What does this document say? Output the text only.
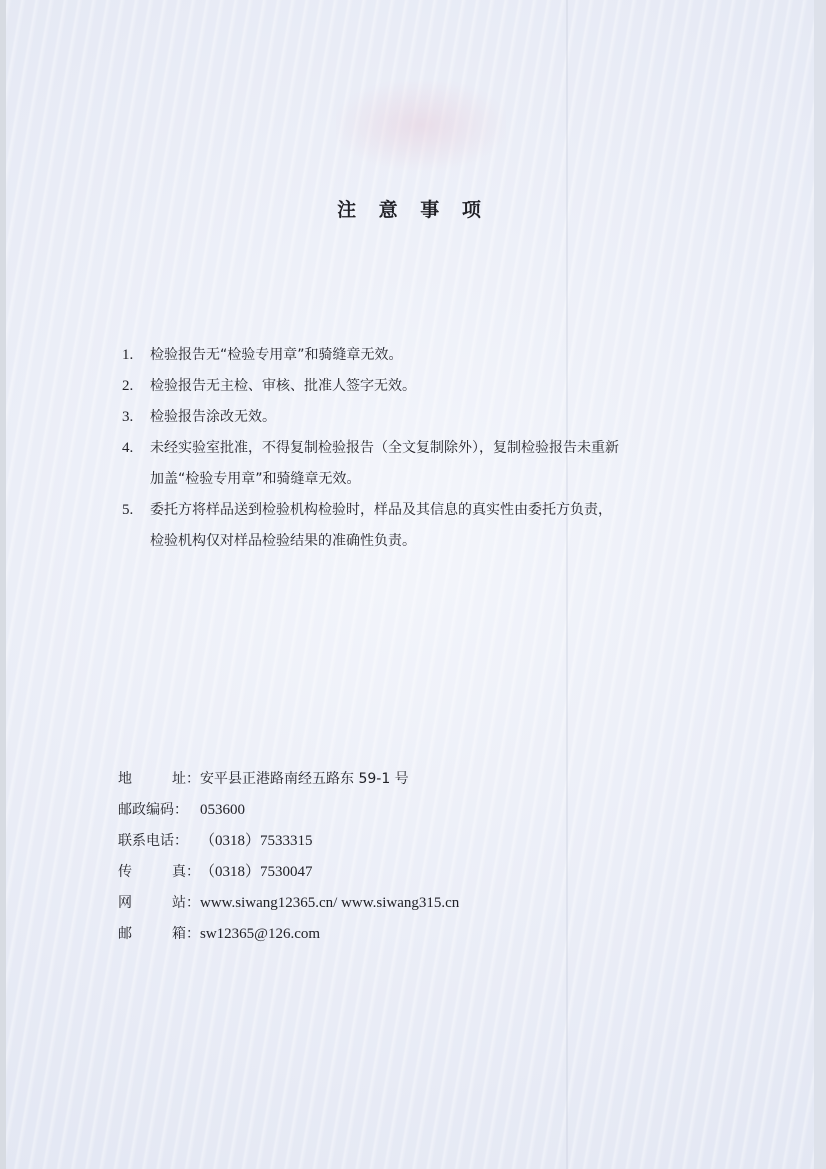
注 意 事 项
1.	检验报告无“检验专用章”和骑缝章无效。
2.	检验报告无主检、审核、批准人签字无效。
3.	检验报告涂改无效。
4.	未经实验室批准，不得复制检验报告（全文复制除外），复制检验报告未重新
加盖“检验专用章”和骑缝章无效。
5.	委托方将样品送到检验机构检验时，样品及其信息的真实性由委托方负责，
检验机构仅对样品检验结果的准确性负责。
地	址： 安平县正港路南经五路东 59-1 号
邮政编码： 053600
联系电话： （0318）7533315
传	真： （0318）7530047
网	站： www.siwang12365.cn/ www.siwang315.cn
邮	箱： sw12365@126.com
